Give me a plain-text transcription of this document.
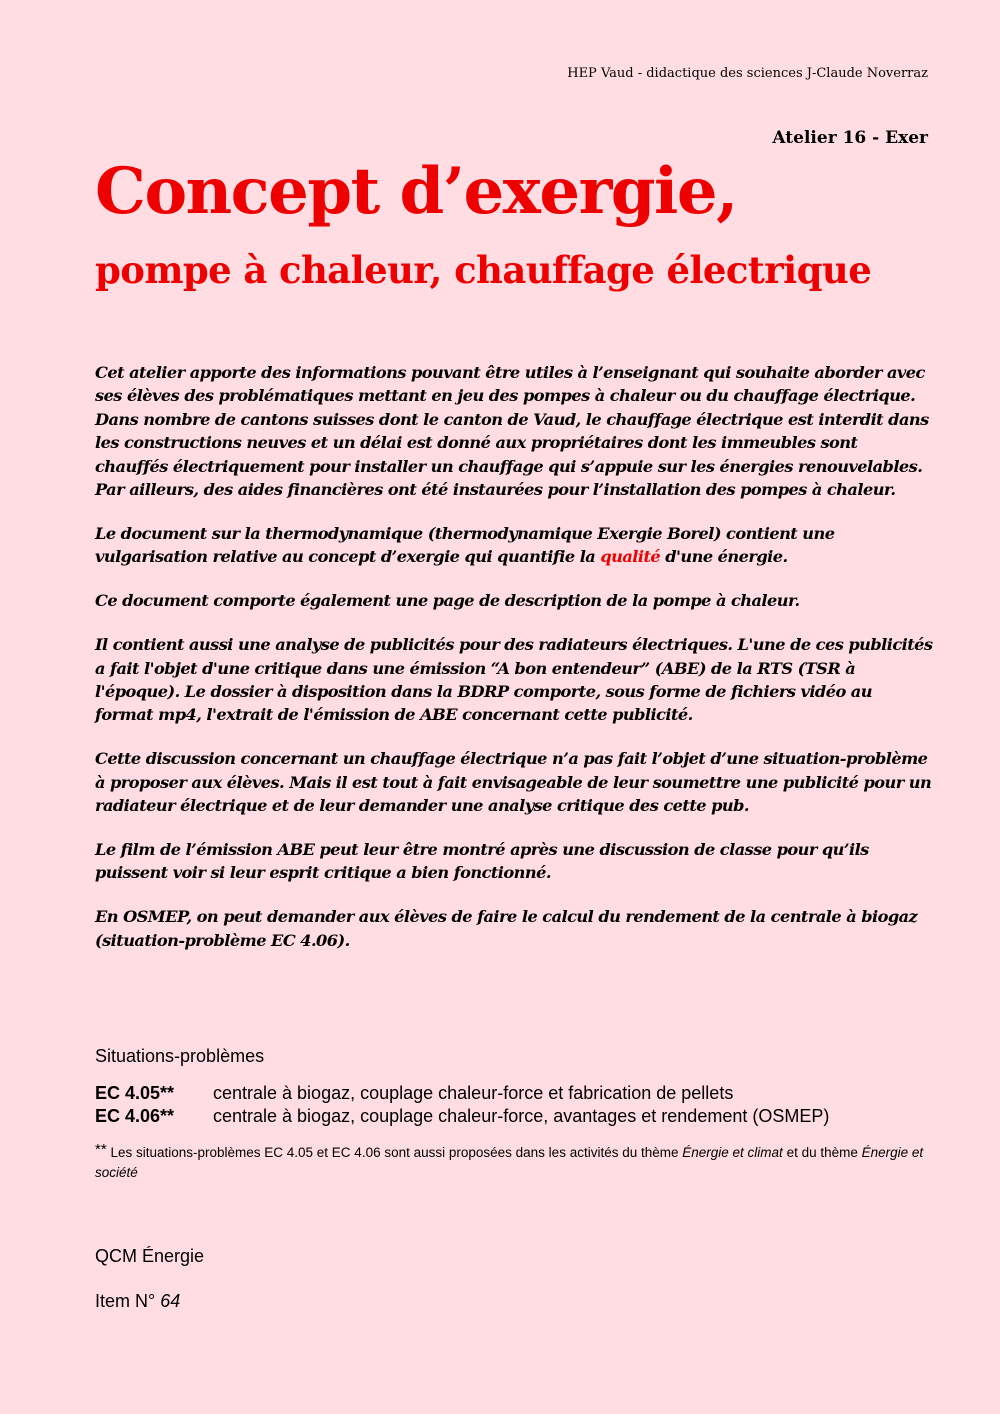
HEP Vaud - didactique des sciences J-Claude Noverraz
Atelier 16 - Exer
Concept d’exergie,
pompe à chaleur, chauffage électrique

Cet atelier apporte des informations pouvant être utiles à l’enseignant qui souhaite aborder avec ses élèves des problématiques mettant en jeu des pompes à chaleur ou du chauffage électrique. Dans nombre de cantons suisses dont le canton de Vaud, le chauffage électrique est interdit dans les constructions neuves et un délai est donné aux propriétaires dont les immeubles sont chauffés électriquement pour installer un chauffage qui s’appuie sur les énergies renouvelables. Par ailleurs, des aides financières ont été instaurées pour l’installation des pompes à chaleur.

Le document sur la thermodynamique (thermodynamique Exergie Borel) contient une vulgarisation relative au concept d’exergie qui quantifie la qualité d'une énergie.

Ce document comporte également une page de description de la pompe à chaleur.

Il contient aussi une analyse de publicités pour des radiateurs électriques. L'une de ces publicités a fait l'objet d'une critique dans une émission “A bon entendeur” (ABE) de la RTS (TSR à l'époque). Le dossier à disposition dans la BDRP comporte, sous forme de fichiers vidéo au format mp4, l'extrait de l'émission de ABE concernant cette publicité.

Cette discussion concernant un chauffage électrique n’a pas fait l’objet d’une situation-problème à proposer aux élèves. Mais il est tout à fait envisageable de leur soumettre une publicité pour un radiateur électrique et de leur demander une analyse critique des cette pub.

Le film de l’émission ABE peut leur être montré après une discussion de classe pour qu’ils puissent voir si leur esprit critique a bien fonctionné.

En OSMEP, on peut demander aux élèves de faire le calcul du rendement de la centrale à biogaz (situation-problème EC 4.06).

Situations-problèmes
EC 4.05**	centrale à biogaz, couplage chaleur-force et fabrication de pellets
EC 4.06**	centrale à biogaz, couplage chaleur-force, avantages et rendement (OSMEP)
** Les situations-problèmes EC 4.05 et EC 4.06 sont aussi proposées dans les activités du thème Énergie et climat et du thème Énergie et société
QCM Énergie
Item N° 64
